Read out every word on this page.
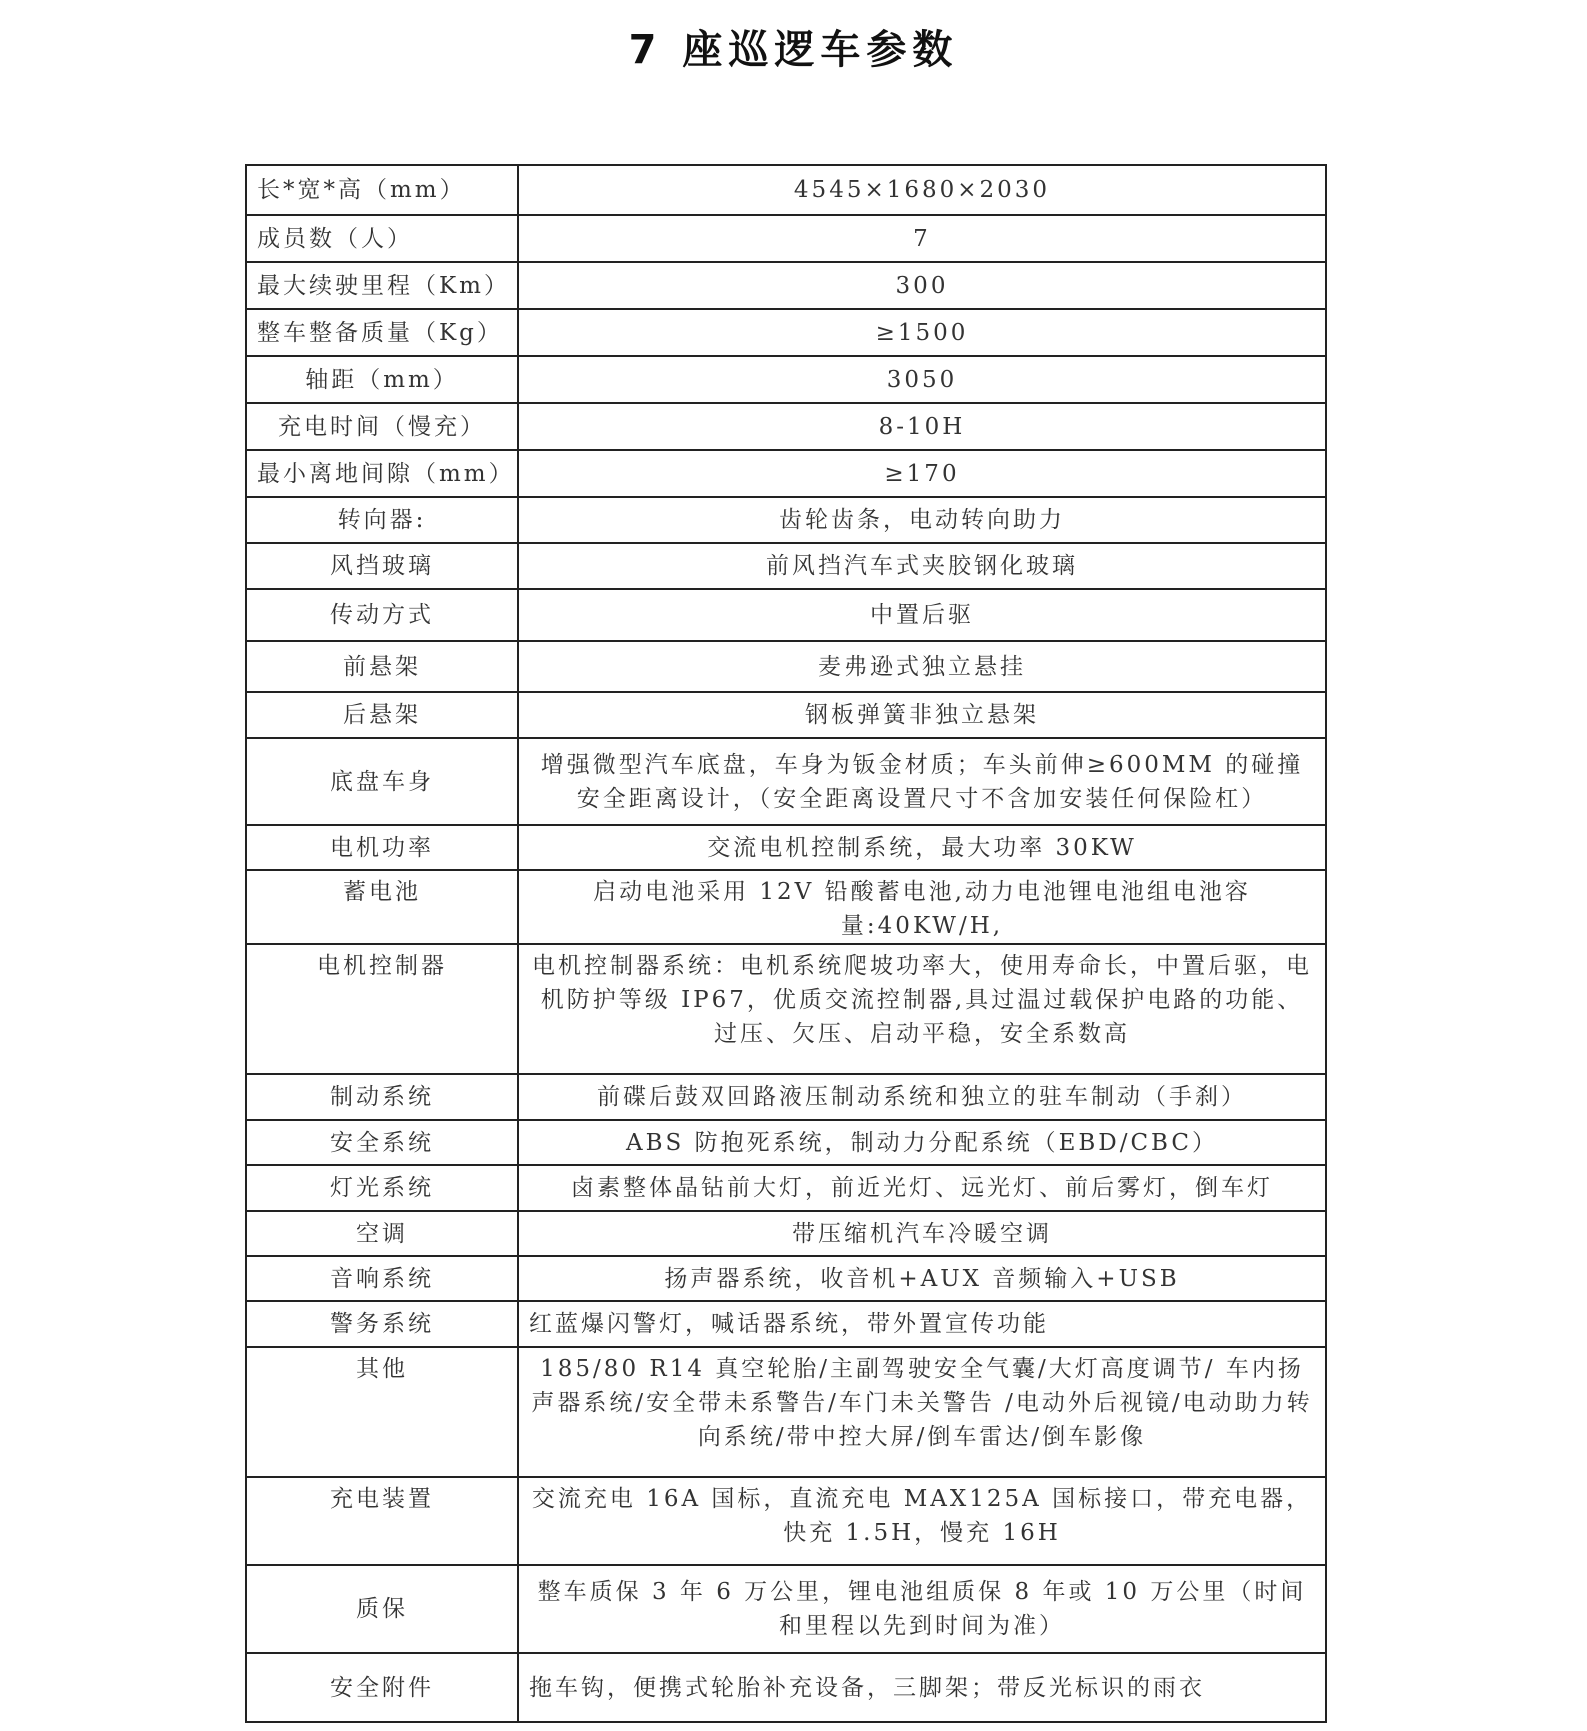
7 座巡逻车参数
长*宽*高（mm）	4545×1680×2030
成员数（人）	7
最大续驶里程（Km）	300
整车整备质量（Kg）	≥1500
轴距（mm）	3050
充电时间（慢充）	8-10H
最小离地间隙（mm）	≥170
转向器:	齿轮齿条，电动转向助力
风挡玻璃	前风挡汽车式夹胶钢化玻璃
传动方式	中置后驱
前悬架	麦弗逊式独立悬挂
后悬架	钢板弹簧非独立悬架
底盘车身	增强微型汽车底盘，车身为钣金材质；车头前伸≥600MM 的碰撞安全距离设计，（安全距离设置尺寸不含加安装任何保险杠）
电机功率	交流电机控制系统，最大功率 30KW
蓄电池	启动电池采用 12V 铅酸蓄电池,动力电池锂电池组电池容量:40KW/H,
电机控制器	电机控制器系统：电机系统爬坡功率大，使用寿命长，中置后驱，电机防护等级 IP67，优质交流控制器,具过温过载保护电路的功能、过压、欠压、启动平稳，安全系数高
制动系统	前碟后鼓双回路液压制动系统和独立的驻车制动（手刹）
安全系统	ABS 防抱死系统，制动力分配系统（EBD/CBC）
灯光系统	卤素整体晶钻前大灯，前近光灯、远光灯、前后雾灯，倒车灯
空调	带压缩机汽车冷暖空调
音响系统	扬声器系统，收音机+AUX 音频输入+USB
警务系统	红蓝爆闪警灯，喊话器系统，带外置宣传功能
其他	185/80 R14 真空轮胎/主副驾驶安全气囊/大灯高度调节/ 车内扬声器系统/安全带未系警告/车门未关警告 /电动外后视镜/电动助力转向系统/带中控大屏/倒车雷达/倒车影像
充电装置	交流充电 16A 国标，直流充电 MAX125A 国标接口，带充电器，快充 1.5H，慢充 16H
质保	整车质保 3 年 6 万公里，锂电池组质保 8 年或 10 万公里（时间和里程以先到时间为准）
安全附件	拖车钩，便携式轮胎补充设备，三脚架；带反光标识的雨衣
